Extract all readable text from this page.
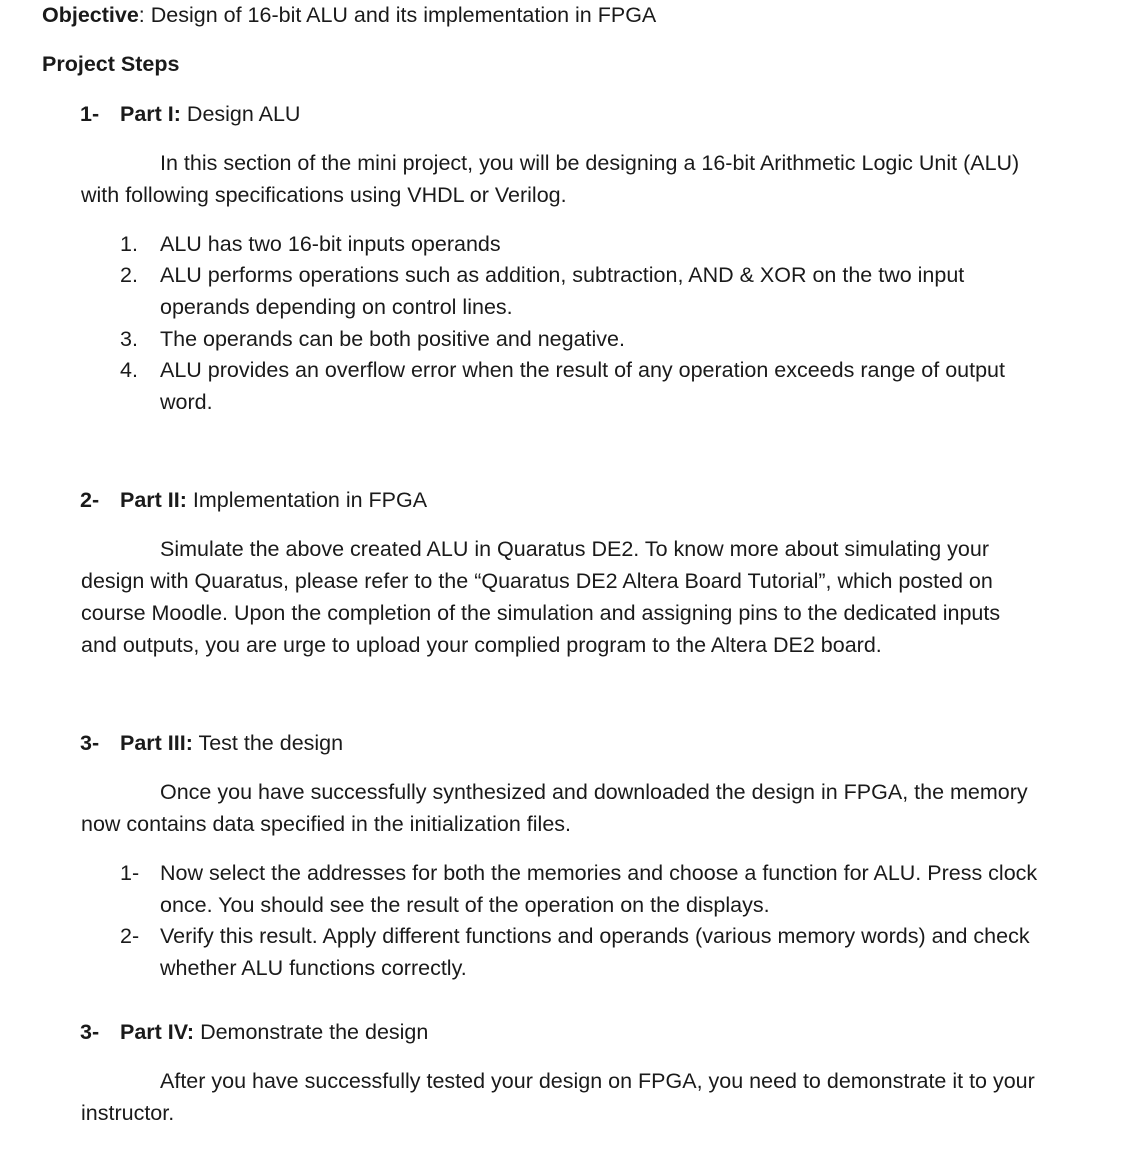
Objective: Design of 16-bit ALU and its implementation in FPGA
Project Steps
1- Part I: Design ALU
In this section of the mini project, you will be designing a 16-bit Arithmetic Logic Unit (ALU)
with following specifications using VHDL or Verilog.
1. ALU has two 16-bit inputs operands
2. ALU performs operations such as addition, subtraction, AND & XOR on the two input
operands depending on control lines.
3. The operands can be both positive and negative.
4. ALU provides an overflow error when the result of any operation exceeds range of output
word.
2- Part II: Implementation in FPGA
Simulate the above created ALU in Quaratus DE2. To know more about simulating your
design with Quaratus, please refer to the “Quaratus DE2 Altera Board Tutorial”, which posted on
course Moodle. Upon the completion of the simulation and assigning pins to the dedicated inputs
and outputs, you are urge to upload your complied program to the Altera DE2 board.
3- Part III: Test the design
Once you have successfully synthesized and downloaded the design in FPGA, the memory
now contains data specified in the initialization files.
1- Now select the addresses for both the memories and choose a function for ALU. Press clock
once. You should see the result of the operation on the displays.
2- Verify this result. Apply different functions and operands (various memory words) and check
whether ALU functions correctly.
3- Part IV: Demonstrate the design
After you have successfully tested your design on FPGA, you need to demonstrate it to your
instructor.
